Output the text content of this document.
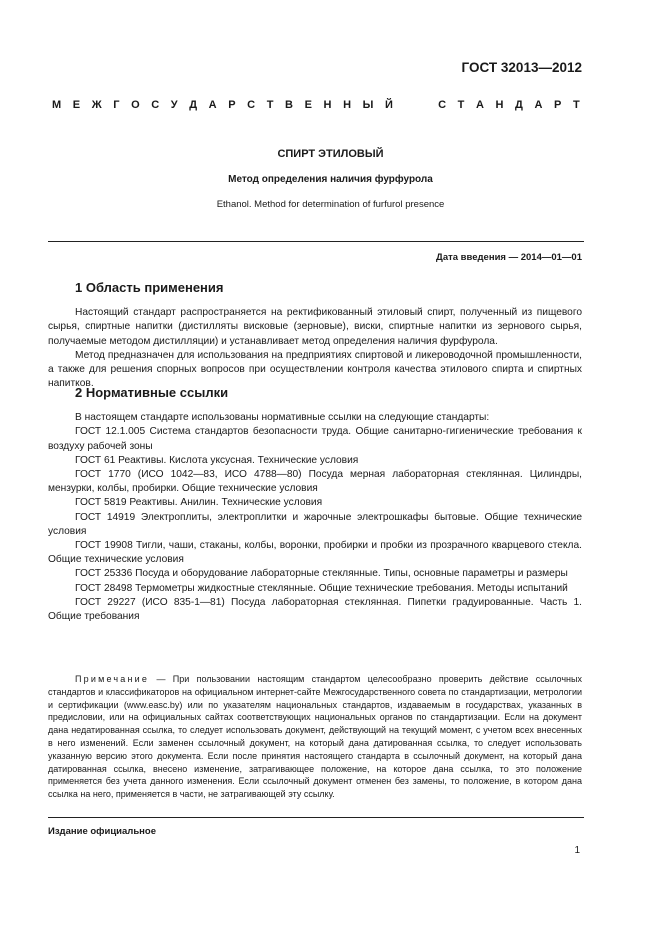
ГОСТ 32013—2012
М Е Ж Г О С У Д А Р С Т В Е Н Н Ы Й	С Т А Н Д А Р Т
СПИРТ ЭТИЛОВЫЙ
Метод определения наличия фурфурола
Ethanol. Method for determination of furfurol presence
Дата введения — 2014—01—01
1 Область применения

Настоящий стандарт распространяется на ректификованный этиловый спирт, полученный из пищевого сырья, спиртные напитки (дистилляты вискoвые (зерновые), виски, спиртные напитки из зернового сырья, получаемые методом дистилляции) и устанавливает метод определения наличия фурфурола.

Метод предназначен для использования на предприятиях спиртовой и ликероводочной промышленности, а также для решения спорных вопросов при осуществлении контроля качества этилового спирта и спиртных напитков.

2 Нормативные ссылки

В настоящем стандарте использованы нормативные ссылки на следующие стандарты:

ГОСТ 12.1.005 Система стандартов безопасности труда. Общие санитарно-гигиенические требования к воздуху рабочей зоны

ГОСТ 61 Реактивы. Кислота уксусная. Технические условия

ГОСТ 1770 (ИСО 1042—83, ИСО 4788—80) Посуда мерная лабораторная стеклянная. Цилиндры, мензурки, колбы, пробирки. Общие технические условия

ГОСТ 5819 Реактивы. Анилин. Технические условия

ГОСТ 14919 Электроплиты, электроплитки и жарочные электрошкафы бытовые. Общие технические условия

ГОСТ 19908 Тигли, чаши, стаканы, колбы, воронки, пробирки и пробки из прозрачного кварцевого стекла. Общие технические условия

ГОСТ 25336 Посуда и оборудование лабораторные стеклянные. Типы, основные параметры и размеры

ГОСТ 28498 Термометры жидкостные стеклянные. Общие технические требования. Методы испытаний

ГОСТ 29227 (ИСО 835-1—81) Посуда лабораторная стеклянная. Пипетки градуированные. Часть 1. Общие требования

Примечание — При пользовании настоящим стандартом целесообразно проверить действие ссылочных стандартов и классификаторов на официальном интернет-сайте Межгосударственного совета по стандартизации, метрологии и сертификации (www.easc.by) или по указателям национальных стандартов, издаваемым в государствах, указанных в предисловии, или на официальных сайтах соответствующих национальных органов по стандартизации. Если на документ дана недатированная ссылка, то следует использовать документ, действующий на текущий момент, с учетом всех внесенных в него изменений. Если заменен ссылочный документ, на который дана датированная ссылка, то следует использовать указанную версию этого документа. Если после принятия настоящего стандарта в ссылочный документ, на который дана датированная ссылка, внесено изменение, затрагивающее положение, на которое дана ссылка, то это положение применяется без учета данного изменения. Если ссылочный документ отменен без замены, то положение, в котором дана ссылка на него, применяется в части, не затрагивающей эту ссылку.
Издание официальное
1
